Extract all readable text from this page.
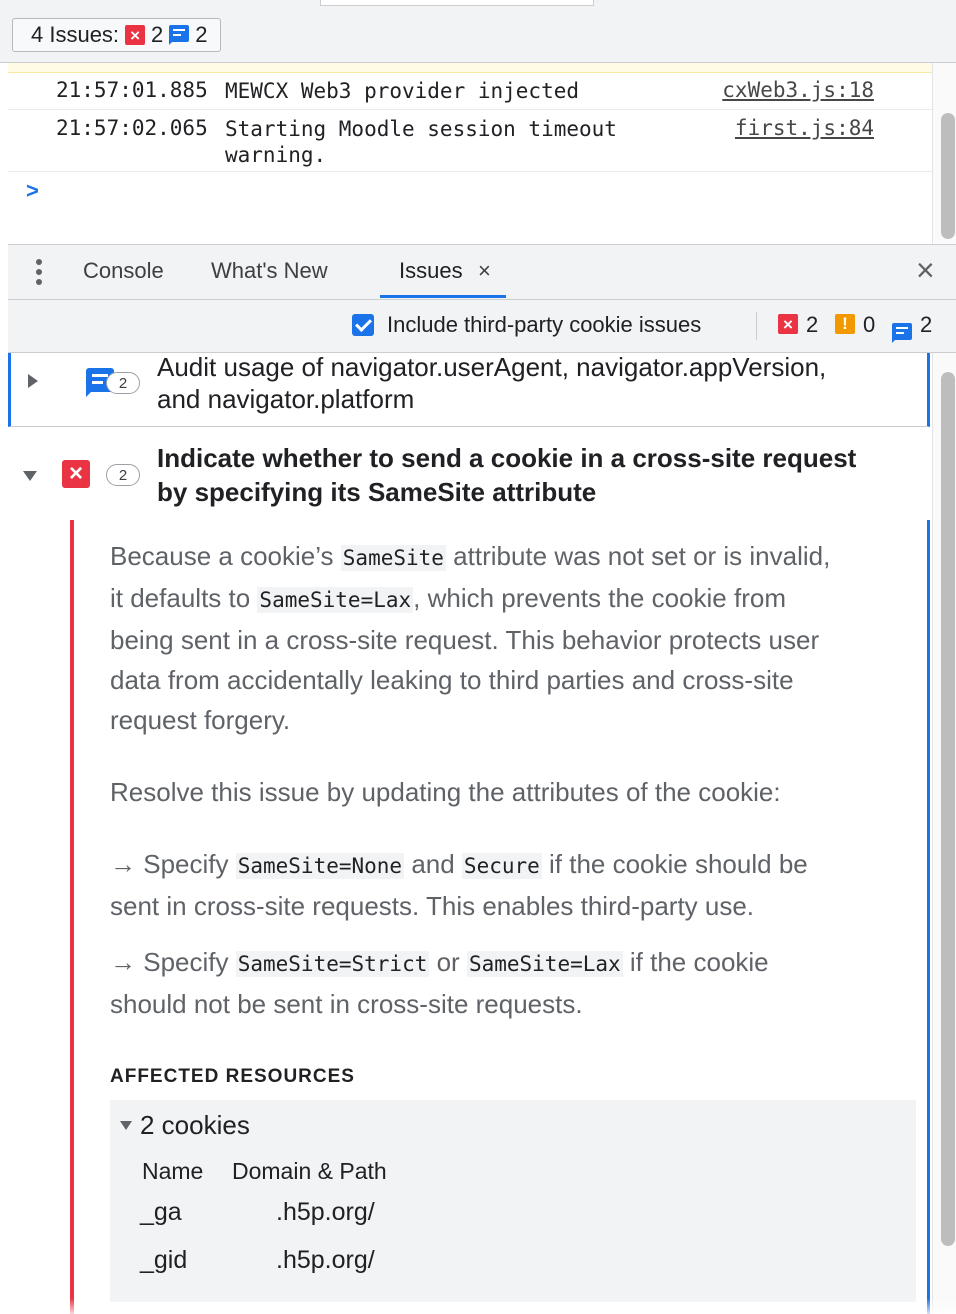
4 Issues: × 2 2
21:57:01.885 MEWCX Web3 provider injected	cxWeb3.js:18
21:57:02.065 Starting Moodle session timeout warning.
first.js:84
>
Console What's New	Issues ×	×
Include third-party cookie issues	× 2	! 0
2
2
Audit usage of navigator.userAgent, navigator.appVersion,
and navigator.platform
×	2
Indicate whether to send a cookie in a cross-site request
by specifying its SameSite attribute
Because a cookie’s SameSite attribute was not set or is invalid,
it defaults to SameSite=Lax, which prevents the cookie from
being sent in a cross-site request. This behavior protects user
data from accidentally leaking to third parties and cross-site
request forgery.
Resolve this issue by updating the attributes of the cookie:
→ Specify SameSite=None and Secure if the cookie should be
sent in cross-site requests. This enables third-party use.
→ Specify SameSite=Strict or SameSite=Lax if the cookie
should not be sent in cross-site requests.
AFFECTED RESOURCES
2 cookies
Name Domain & Path
_ga	.h5p.org/
_gid	.h5p.org/
